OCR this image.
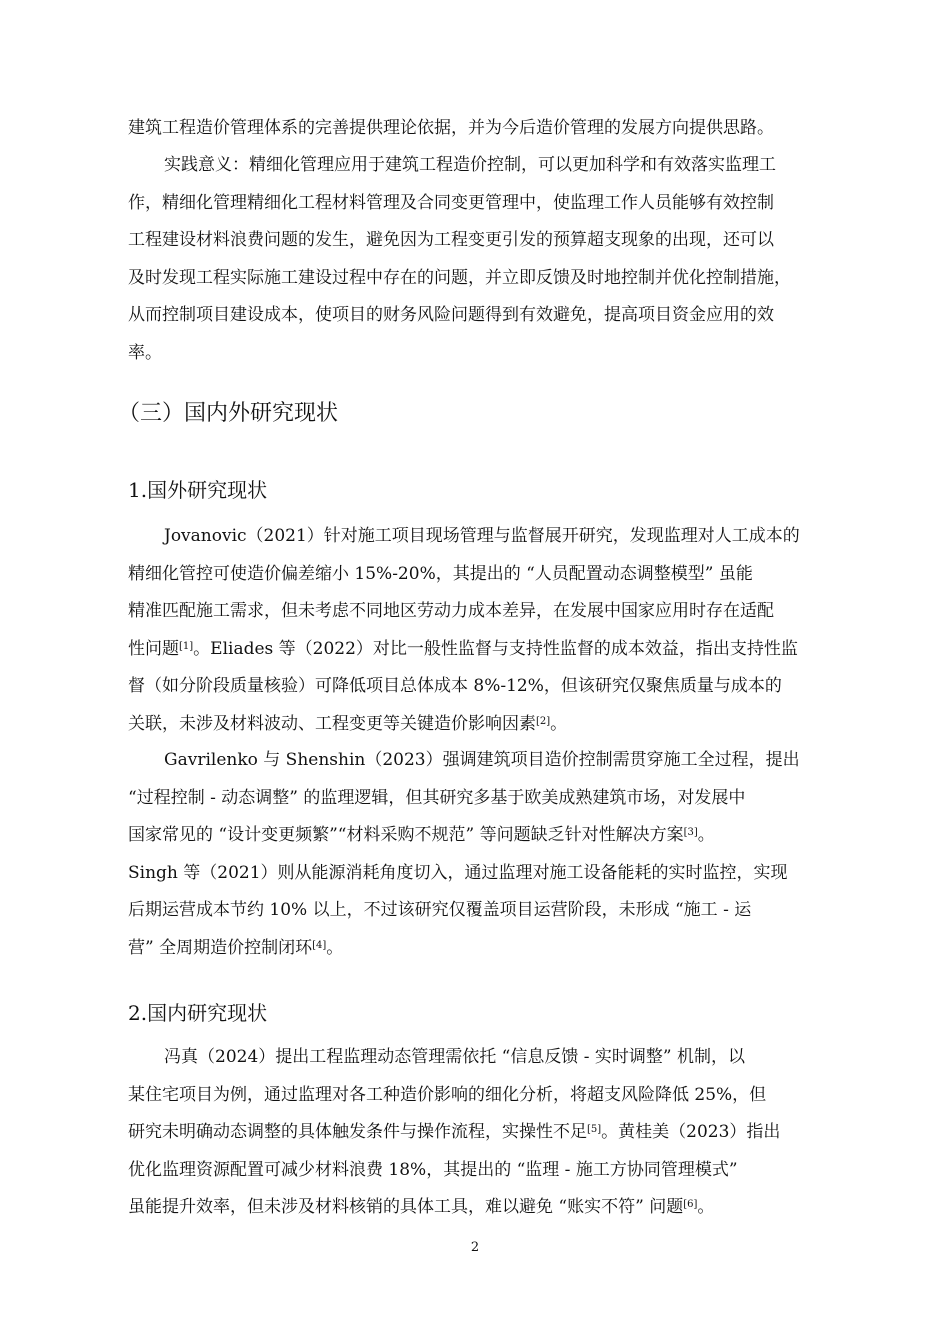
建筑工程造价管理体系的完善提供理论依据，并为今后造价管理的发展方向提供思路。
实践意义：精细化管理应用于建筑工程造价控制，可以更加科学和有效落实监理工
作，精细化管理精细化工程材料管理及合同变更管理中，使监理工作人员能够有效控制
工程建设材料浪费问题的发生，避免因为工程变更引发的预算超支现象的出现，还可以
及时发现工程实际施工建设过程中存在的问题，并立即反馈及时地控制并优化控制措施，
从而控制项目建设成本，使项目的财务风险问题得到有效避免，提高项目资金应用的效
率。
（三）国内外研究现状
1.国外研究现状
Jovanovic（2021）针对施工项目现场管理与监督展开研究，发现监理对人工成本的
精细化管控可使造价偏差缩小 15%-20%，其提出的 “人员配置动态调整模型” 虽能
精准匹配施工需求，但未考虑不同地区劳动力成本差异，在发展中国家应用时存在适配
性问题[1]。Eliades 等（2022）对比一般性监督与支持性监督的成本效益，指出支持性监
督（如分阶段质量核验）可降低项目总体成本 8%-12%，但该研究仅聚焦质量与成本的
关联，未涉及材料波动、工程变更等关键造价影响因素[2]。
Gavrilenko 与 Shenshin（2023）强调建筑项目造价控制需贯穿施工全过程，提出
“过程控制 - 动态调整” 的监理逻辑，但其研究多基于欧美成熟建筑市场，对发展中
国家常见的 “设计变更频繁”“材料采购不规范” 等问题缺乏针对性解决方案[3]。
Singh 等（2021）则从能源消耗角度切入，通过监理对施工设备能耗的实时监控，实现
后期运营成本节约 10% 以上，不过该研究仅覆盖项目运营阶段，未形成 “施工 - 运
营” 全周期造价控制闭环[4]。
2.国内研究现状
冯真（2024）提出工程监理动态管理需依托 “信息反馈 - 实时调整” 机制，以
某住宅项目为例，通过监理对各工种造价影响的细化分析，将超支风险降低 25%，但
研究未明确动态调整的具体触发条件与操作流程，实操性不足[5]。黄桂美（2023）指出
优化监理资源配置可减少材料浪费 18%，其提出的 “监理 - 施工方协同管理模式”
虽能提升效率，但未涉及材料核销的具体工具，难以避免 “账实不符” 问题[6]。
2
